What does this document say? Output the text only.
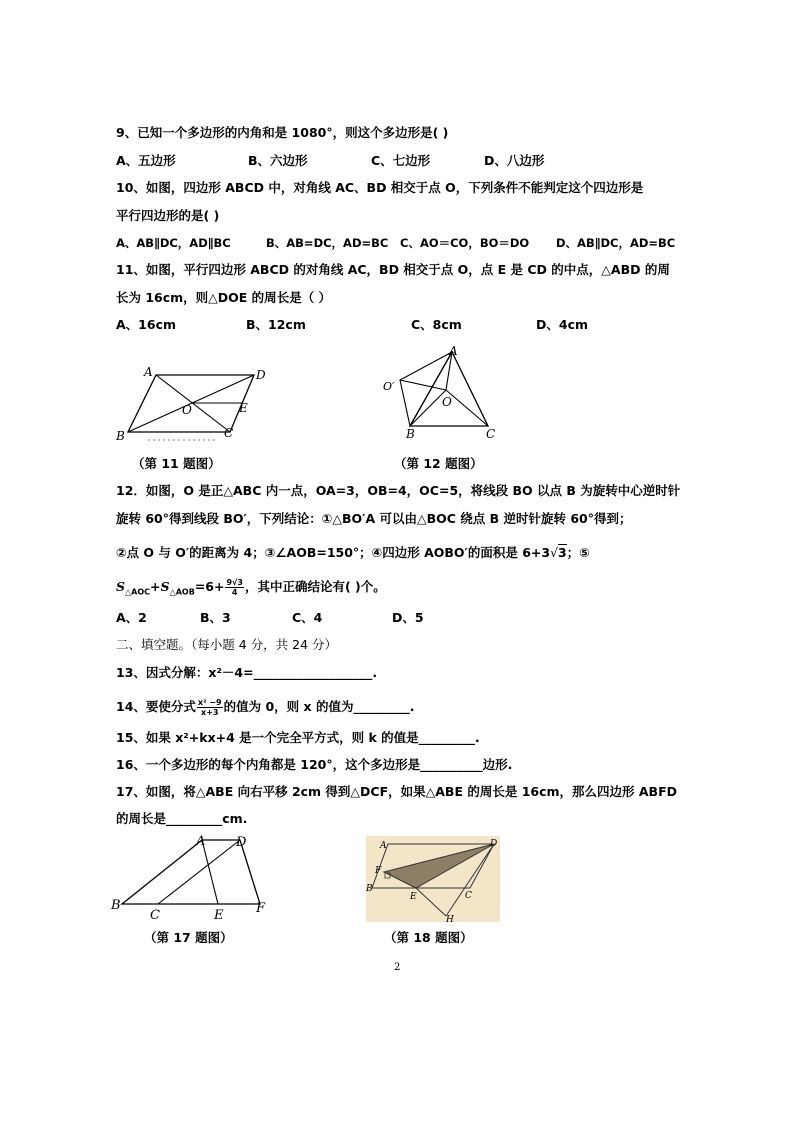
9、已知一个多边形的内角和是 1080°，则这个多边形是( )
A、五边形	B、六边形	C、七边形	D、八边形
10、如图，四边形 ABCD 中，对角线 AC、BD 相交于点 O，下列条件不能判定这个四边形是
平行四边形的是( )
A、AB∥DC，AD∥BC	B、AB=DC，AD=BC C、AO＝CO，BO＝DO D、AB∥DC，AD=BC
11、如图，平行四边形 ABCD 的对角线 AC，BD 相交于点 O，点 E 是 CD 的中点，△ABD 的周
长为 16cm，则△DOE 的周长是（ ）
A、16cm	B、12cm	C、8cm	D、4cm
A	D
O	E
B	C
（第 11 题图）
A
O′
O
B	C
（第 12 题图）
12．如图，O 是正△ABC 内一点，OA=3，OB=4，OC=5，将线段 BO 以点 B 为旋转中心逆时针
旋转 60°得到线段 BO′，下列结论：①△BO′A 可以由△BOC 绕点 B 逆时针旋转 60°得到；
②点 O 与 O′的距离为 4；③∠AOB=150°；④四边形 AOBO′的面积是 6+3√3；⑤
$S_{\triangle AOC}+S_{\triangle AOB}=6+ \frac{9√3}{4}$ ，其中正确结论有( )个。
A、2	B、3	C、4	D、5
二、填空题。（每小题 4 分，共 24 分）
13、因式分解：x²－4=___________________.
14、要使分式 $\frac{\text{x² −9}}{x+3}$ 的值为 0，则 x 的值为_________.
15、如果 x²+kx+4 是一个完全平方式，则 k 的值是_________.
16、一个多边形的每个内角都是 120°，这个多边形是__________边形.
17、如图，将△ABE 向右平移 2cm 得到△DCF，如果△ABE 的周长是 16cm，那么四边形 ABFD
的周长是_________cm.
A D
B
C	E	F
（第 17 题图）
A	D
F
B
E	C
H
（第 18 题图）
2
